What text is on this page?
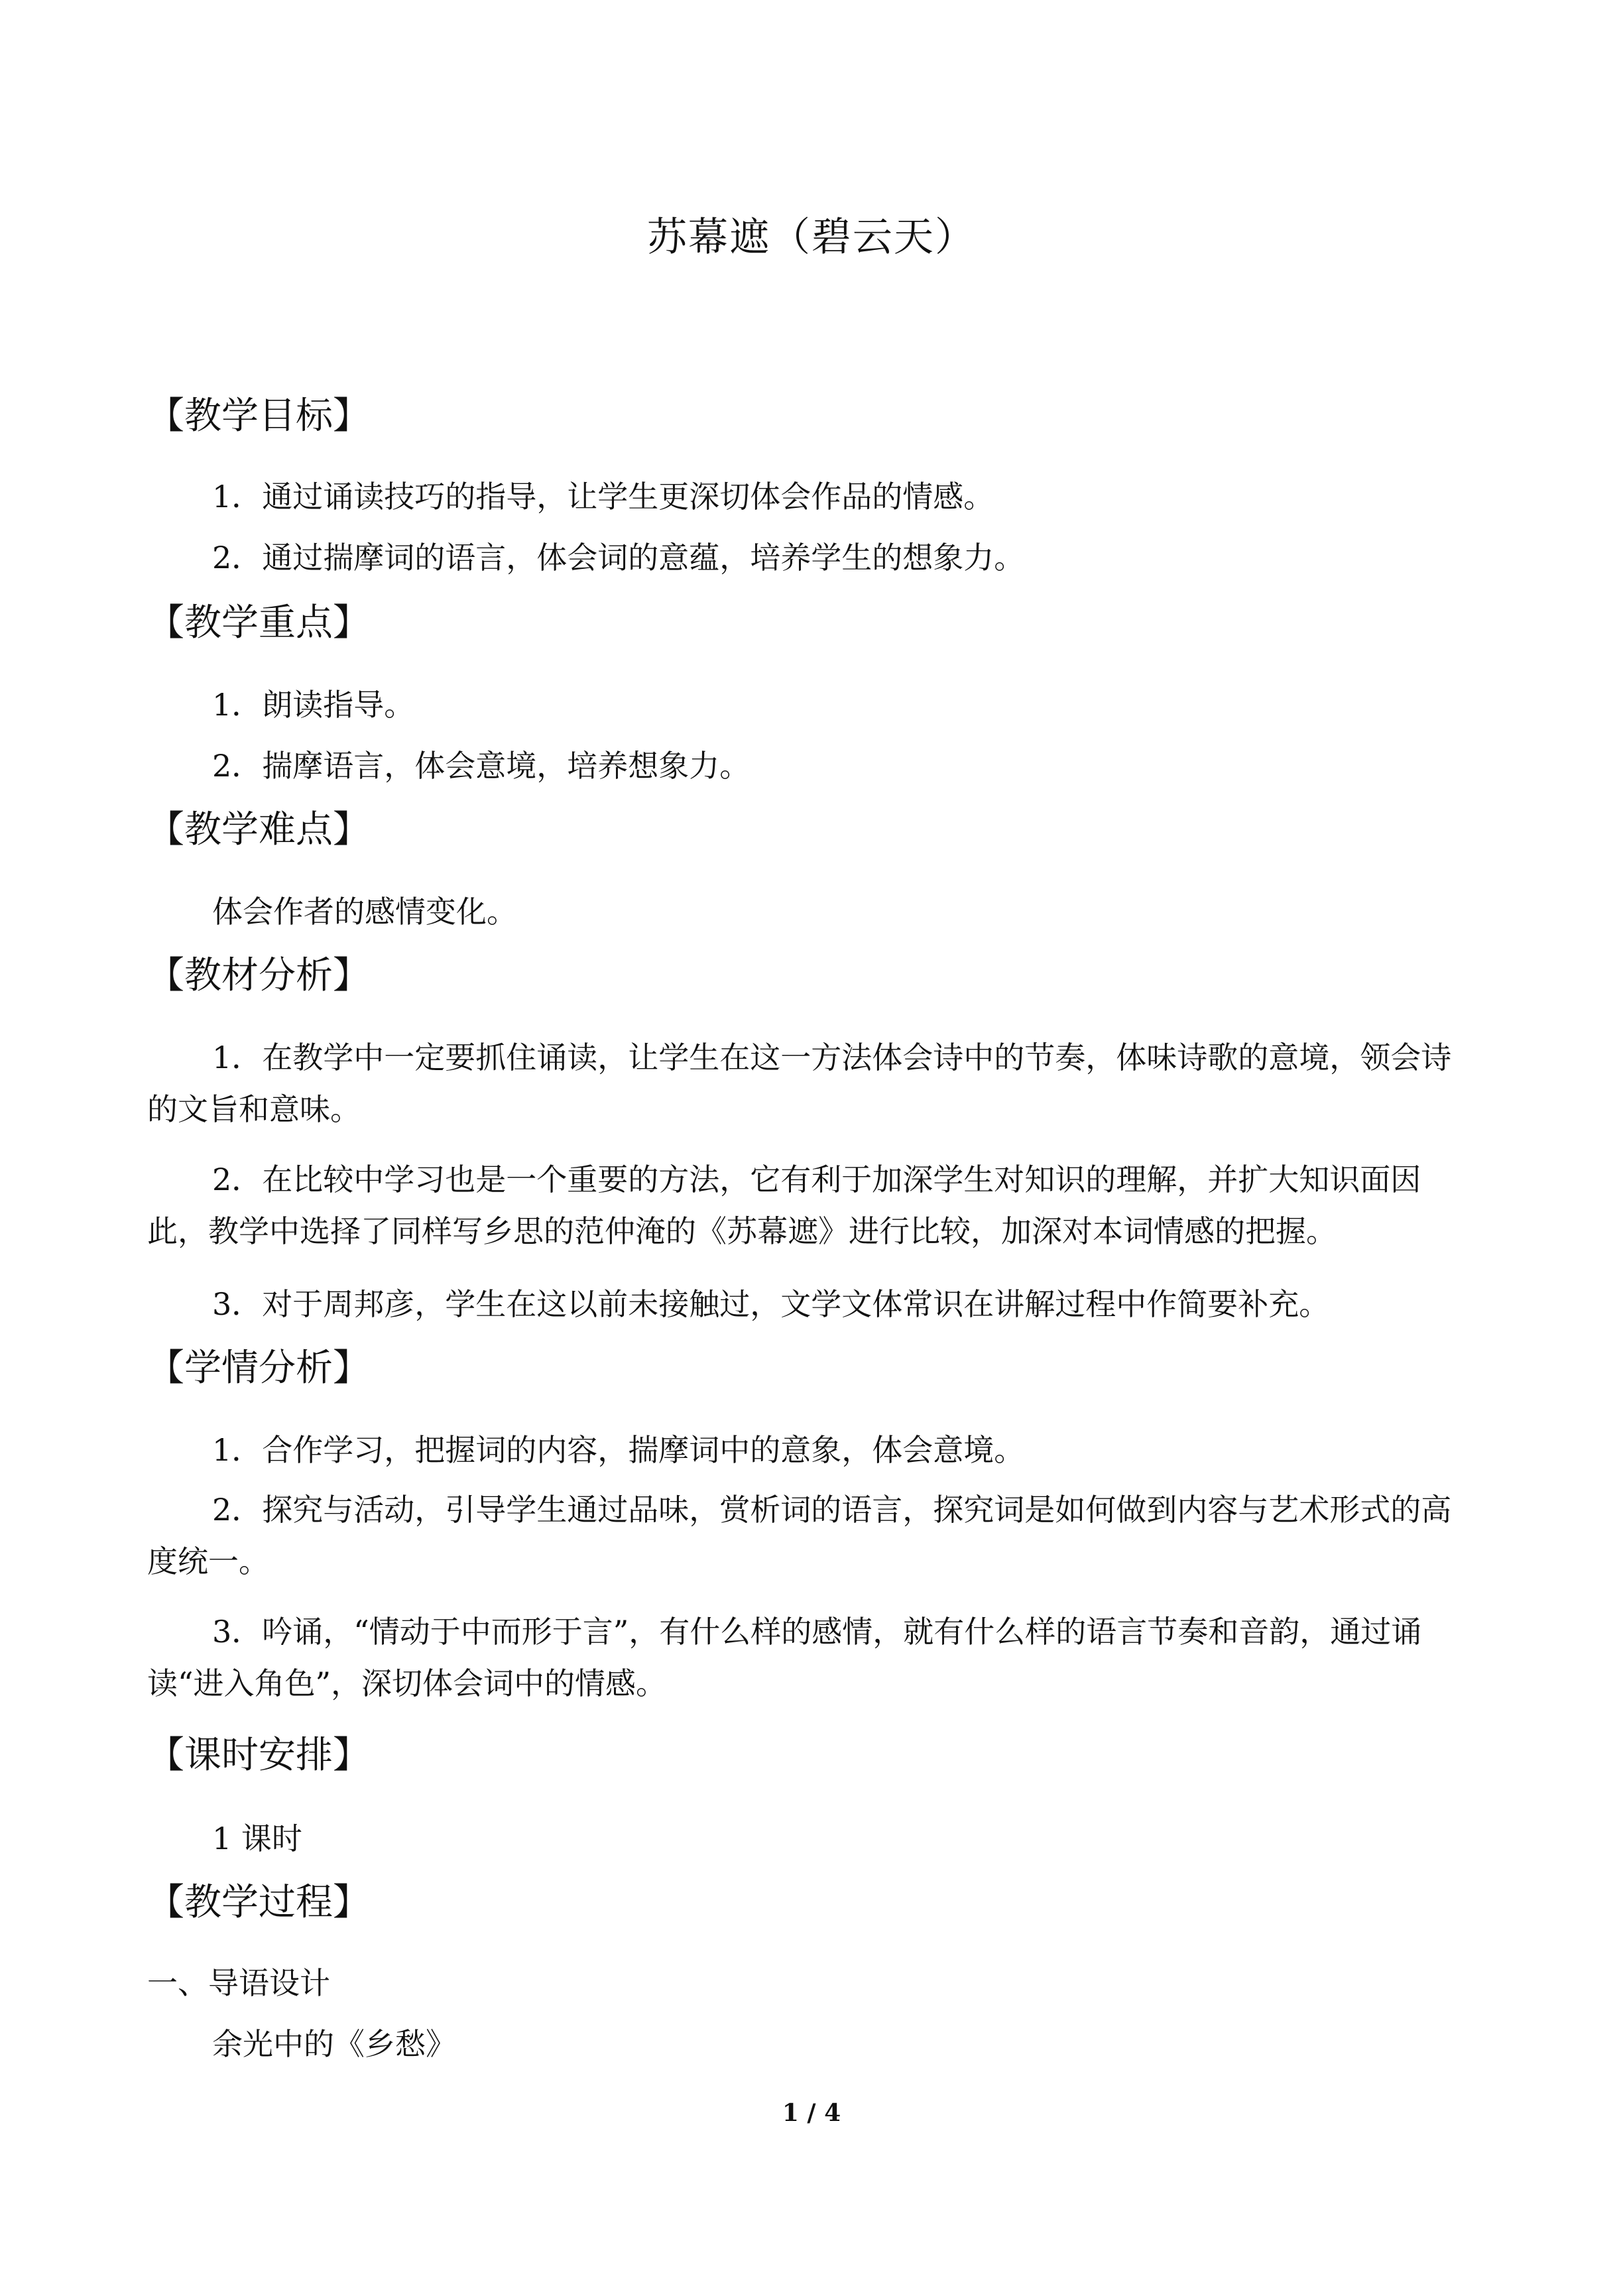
苏幕遮（碧云天）
【教学目标】
1．通过诵读技巧的指导，让学生更深切体会作品的情感。
2．通过揣摩词的语言，体会词的意蕴，培养学生的想象力。
【教学重点】
1．朗读指导。
2．揣摩语言，体会意境，培养想象力。
【教学难点】
体会作者的感情变化。
【教材分析】
1．在教学中一定要抓住诵读，让学生在这一方法体会诗中的节奏，体味诗歌的意境，领会诗的文旨和意味。
2．在比较中学习也是一个重要的方法，它有利于加深学生对知识的理解，并扩大知识面因此，教学中选择了同样写乡思的范仲淹的《苏幕遮》进行比较，加深对本词情感的把握。
3．对于周邦彦，学生在这以前未接触过，文学文体常识在讲解过程中作简要补充。
【学情分析】
1．合作学习，把握词的内容，揣摩词中的意象，体会意境。
2．探究与活动，引导学生通过品味，赏析词的语言，探究词是如何做到内容与艺术形式的高度统一。
3．吟诵，“情动于中而形于言”，有什么样的感情，就有什么样的语言节奏和音韵，通过诵读“进入角色”，深切体会词中的情感。
【课时安排】
1 课时
【教学过程】
一、导语设计
余光中的《乡愁》
1 / 4
